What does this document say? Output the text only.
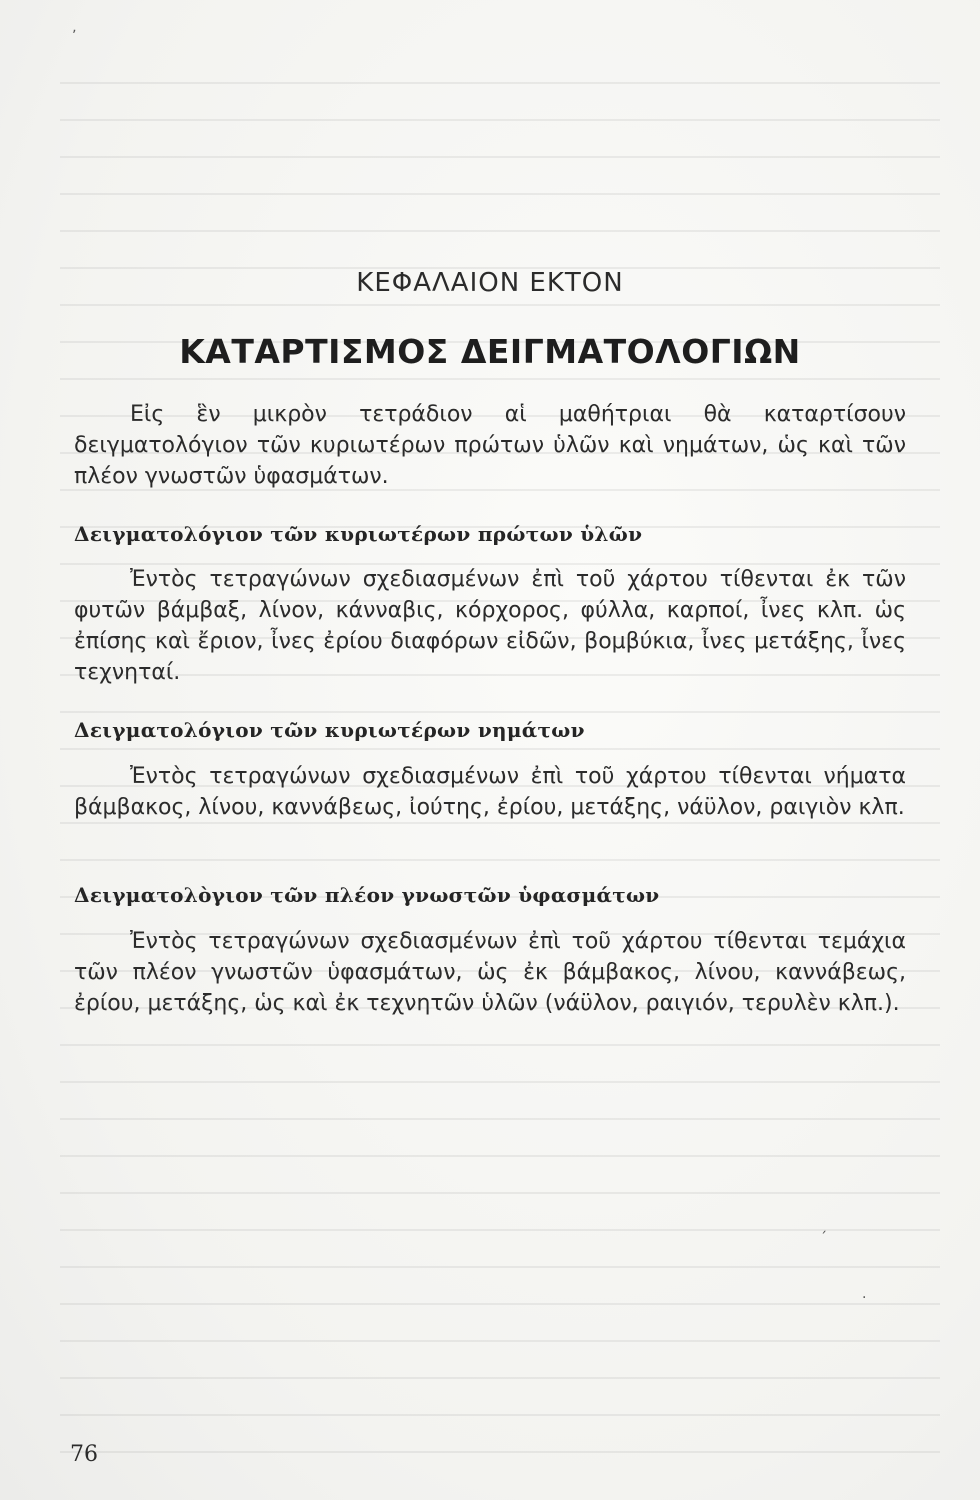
ΚΕΦΑΛΑΙΟΝ ΕΚΤΟΝ
ΚΑΤΑΡΤΙΣΜΟΣ ΔΕΙΓΜΑΤΟΛΟΓΙΩΝ
Εἰς ἓν μικρὸν τετράδιον αἱ μαθήτριαι θὰ καταρτίσουν δειγματολόγιον τῶν κυριωτέρων πρώτων ὑλῶν καὶ νημάτων, ὡς καὶ τῶν πλέον γνωστῶν ὑφασμάτων.
Δειγματολόγιον τῶν κυριωτέρων πρώτων ὑλῶν
Ἐντὸς τετραγώνων σχεδιασμένων ἐπὶ τοῦ χάρτου τίθενται ἐκ τῶν φυτῶν βάμβαξ, λίνον, κάνναβις, κόρχορος, φύλλα, καρποί, ἶνες κλπ. ὡς ἐπίσης καὶ ἔριον, ἶνες ἐρίου διαφόρων εἰδῶν, βομβύκια, ἶνες μετάξης, ἶνες τεχνηταί.
Δειγματολόγιον τῶν κυριωτέρων νημάτων
Ἐντὸς τετραγώνων σχεδιασμένων ἐπὶ τοῦ χάρτου τίθενται νήματα βάμβακος, λίνου, καννάβεως, ἰούτης, ἐρίου, μετάξης, νάϋλον, ραιγιὸν κλπ.
Δειγματολὸγιον τῶν πλέον γνωστῶν ὑφασμάτων
Ἐντὸς τετραγώνων σχεδιασμένων ἐπὶ τοῦ χάρτου τίθενται τεμάχια τῶν πλέον γνωστῶν ὑφασμάτων, ὡς ἐκ βάμβακος, λίνου, καννάβεως, ἐρίου, μετάξης, ὡς καὶ ἐκ τεχνητῶν ὑλῶν (νάϋλον, ραιγιόν, τερυλὲν κλπ.).
76
ʼ
ˏ
·
